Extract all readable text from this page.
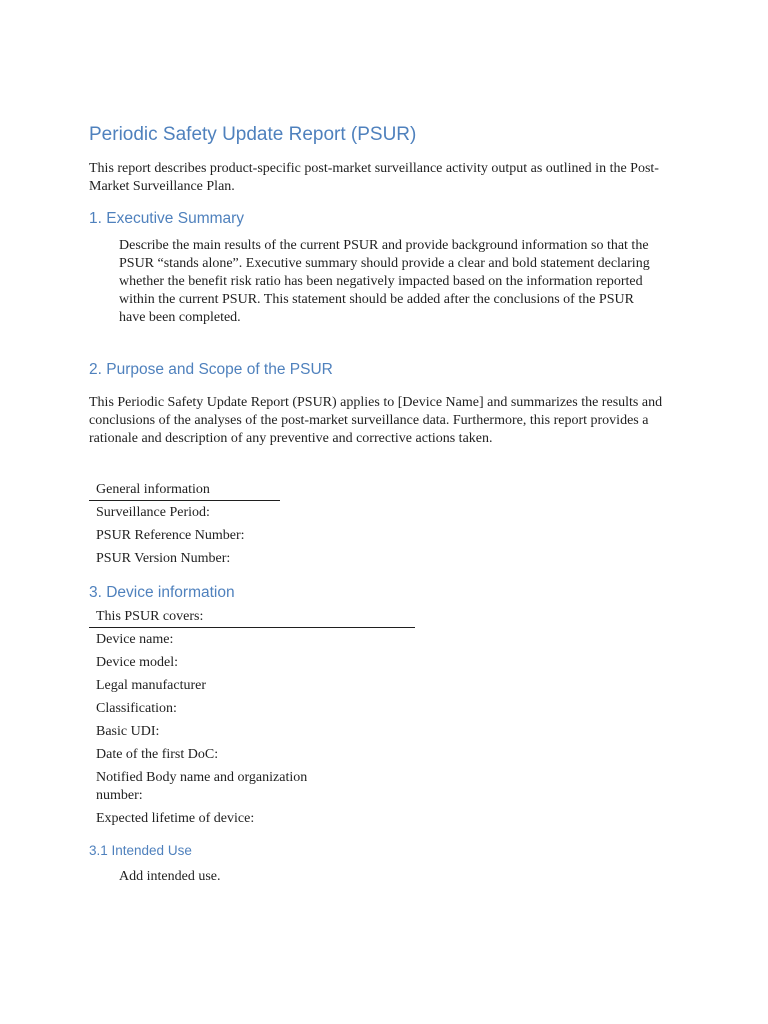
Periodic Safety Update Report (PSUR)

This report describes product-specific post-market surveillance activity output as outlined in the Post-Market Surveillance Plan.

1. Executive Summary

Describe the main results of the current PSUR and provide background information so that the PSUR “stands alone”. Executive summary should provide a clear and bold statement declaring whether the benefit risk ratio has been negatively impacted based on the information reported within the current PSUR. This statement should be added after the conclusions of the PSUR have been completed.

2. Purpose and Scope of the PSUR

This Periodic Safety Update Report (PSUR) applies to [Device Name] and summarizes the results and conclusions of the analyses of the post-market surveillance data. Furthermore, this report provides a rationale and description of any preventive and corrective actions taken.

General information
Surveillance Period:
PSUR Reference Number:
PSUR Version Number:
3. Device information
This PSUR covers:
Device name:
Device model:
Legal manufacturer
Classification:
Basic UDI:
Date of the first DoC:
Notified Body name and organization number:
Expected lifetime of device:
3.1 Intended Use

Add intended use.
